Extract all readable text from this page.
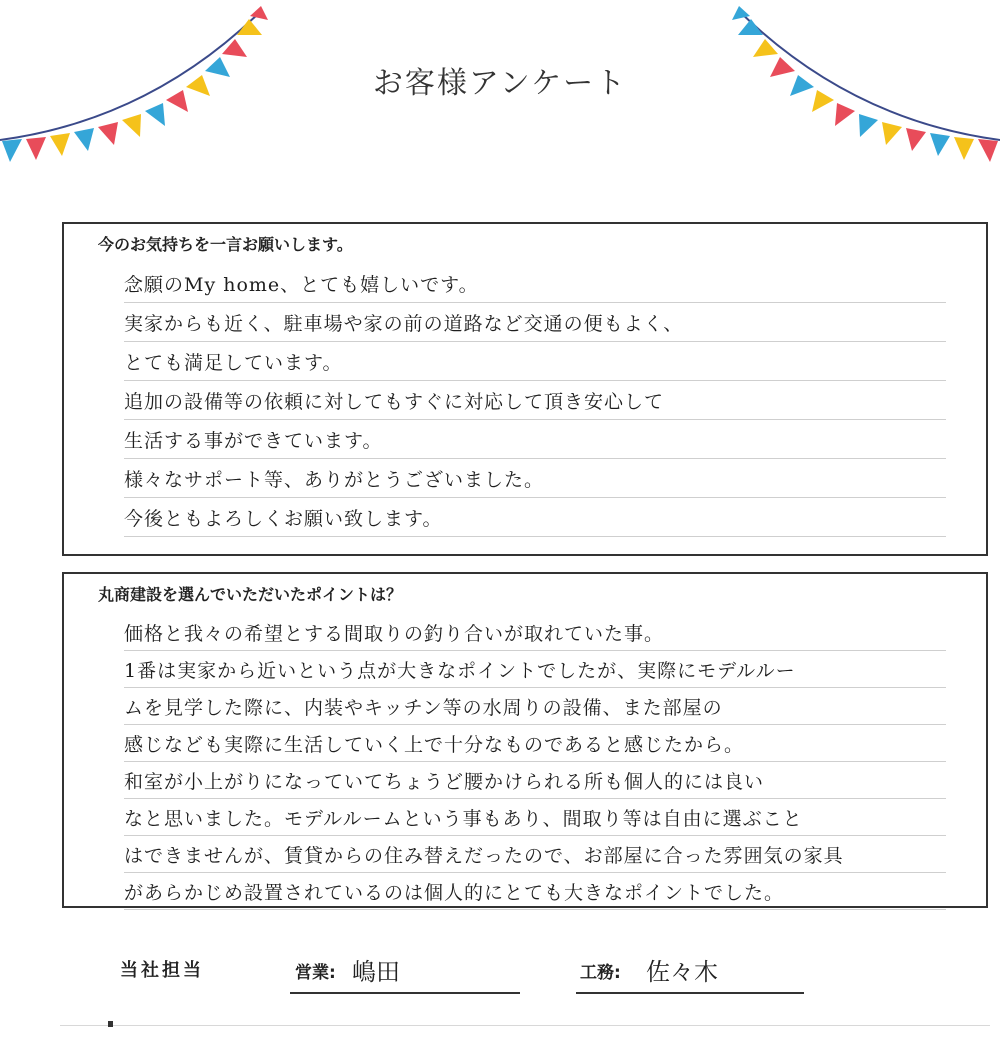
お客様アンケート
今のお気持ちを一言お願いします。
念願のMy home、とても嬉しいです。
実家からも近く、駐車場や家の前の道路など交通の便もよく、
とても満足しています。
追加の設備等の依頼に対してもすぐに対応して頂き安心して
生活する事ができています。
様々なサポート等、ありがとうございました。
今後ともよろしくお願い致します。
丸商建設を選んでいただいたポイントは？
価格と我々の希望とする間取りの釣り合いが取れていた事。
1番は実家から近いという点が大きなポイントでしたが、実際にモデルルー
ムを見学した際に、内装やキッチン等の水周りの設備、また部屋の
感じなども実際に生活していく上で十分なものであると感じたから。
和室が小上がりになっていてちょうど腰かけられる所も個人的には良い
なと思いました。モデルルームという事もあり、間取り等は自由に選ぶこと
はできませんが、賃貸からの住み替えだったので、お部屋に合った雰囲気の家具
があらかじめ設置されているのは個人的にとても大きなポイントでした。
当社担当	営業: 嶋田	工務: 佐々木
